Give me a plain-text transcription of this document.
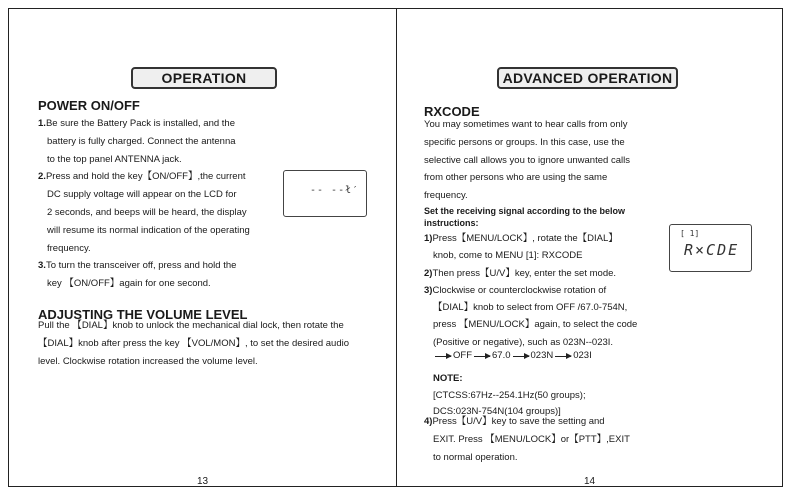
OPERATION
POWER ON/OFF
1.Be sure the Battery Pack is installed, and the
battery is fully charged. Connect the antenna
to the top panel ANTENNA jack.
2.Press and hold the key【ON/OFF】,the current
DC supply voltage will appear on the LCD for
2 seconds, and beeps will be heard, the display
will resume its normal indication of the operating
frequency.
3.To turn the transceiver off, press and hold the
key 【ON/OFF】again for one second.
-- --ł′
ADJUSTING THE VOLUME LEVEL
Pull the 【DIAL】knob to unlock the mechanical dial lock, then rotate the
【DIAL】knob after press the key 【VOL/MON】, to set the desired audio
level. Clockwise rotation increased the volume level.
13
ADVANCED OPERATION
RXCODE
You may sometimes want to hear calls from only
specific persons or groups. In this case, use the
selective call allows you to ignore unwanted calls
from other persons who are using the same
frequency.
Set the receiving signal according to the below
instructions:
1)Press【MENU/LOCK】, rotate the【DIAL】
knob, come to MENU [1]: RXCODE
2)Then press【U/V】key, enter the set mode.
3)Clockwise or counterclockwise rotation of
【DIAL】knob to select from OFF /67.0-754N,
press 【MENU/LOCK】again, to select the code
(Positive or negative), such as 023N--023I.
OFF 67.0 023N 023I
NOTE:
[CTCSS:67Hz--254.1Hz(50 groups);
DCS:023N-754N(104 groups)]
4)Press【U/V】key to save the setting and
EXIT. Press 【MENU/LOCK】or【PTT】,EXIT
to normal operation.
[ 1]
R×CDE
14
